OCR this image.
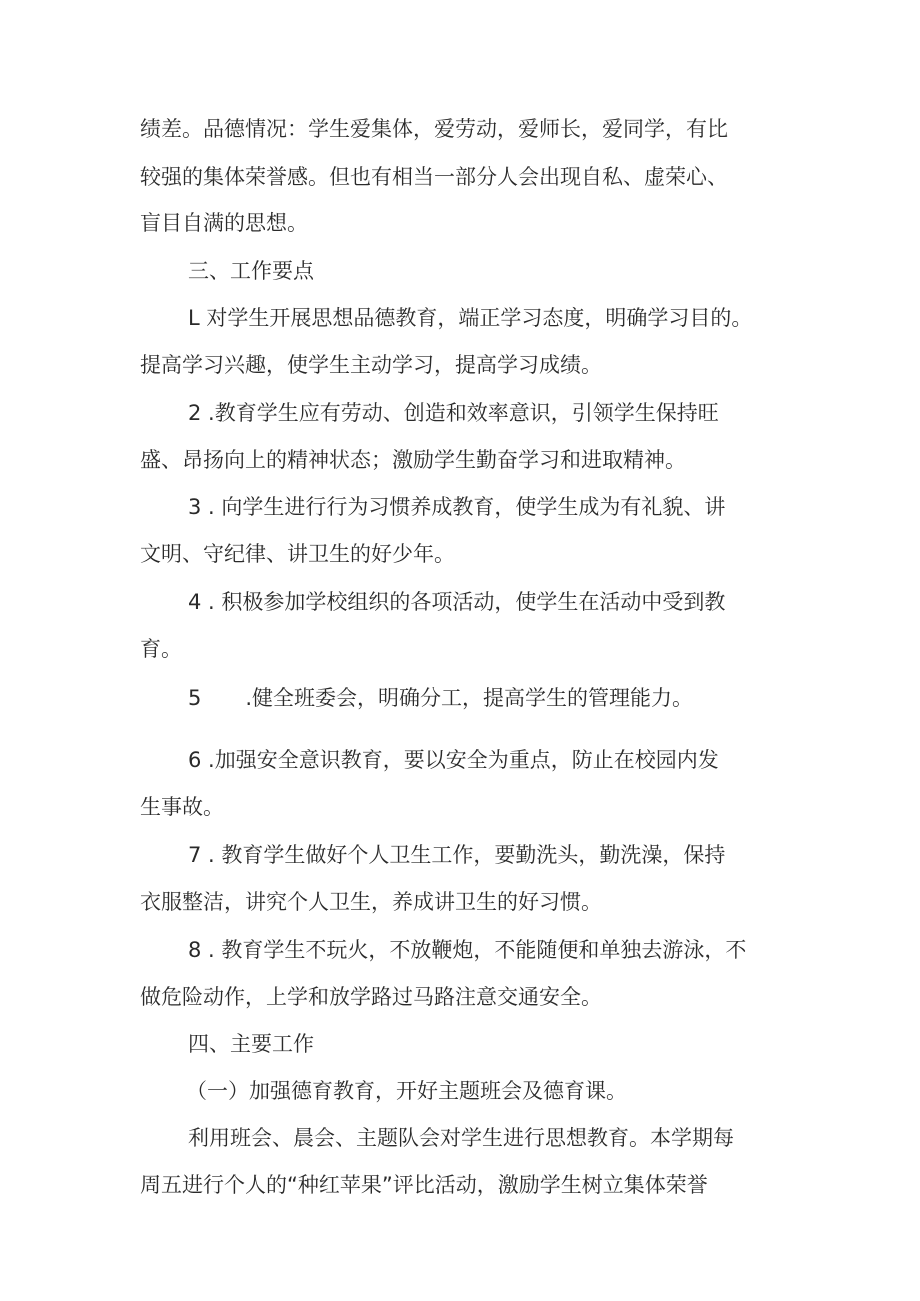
绩差。品德情况：学生爱集体，爱劳动，爱师长，爱同学，有比
较强的集体荣誉感。但也有相当一部分人会出现自私、虚荣心、
盲目自满的思想。
三、工作要点
L 对学生开展思想品德教育，端正学习态度，明确学习目的。
提高学习兴趣，使学生主动学习，提高学习成绩。
2 .教育学生应有劳动、创造和效率意识，引领学生保持旺
盛、昂扬向上的精神状态；激励学生勤奋学习和进取精神。
3 . 向学生进行行为习惯养成教育，使学生成为有礼貌、讲
文明、守纪律、讲卫生的好少年。
4 . 积极参加学校组织的各项活动，使学生在活动中受到教
育。
5 .健全班委会，明确分工，提高学生的管理能力。
6 .加强安全意识教育，要以安全为重点，防止在校园内发
生事故。
7 . 教育学生做好个人卫生工作，要勤洗头，勤洗澡，保持
衣服整洁，讲究个人卫生，养成讲卫生的好习惯。
8 . 教育学生不玩火，不放鞭炮，不能随便和单独去游泳，不
做危险动作，上学和放学路过马路注意交通安全。
四、主要工作
（一）加强德育教育，开好主题班会及德育课。
利用班会、晨会、主题队会对学生进行思想教育。本学期每
周五进行个人的“种红苹果”评比活动，激励学生树立集体荣誉
